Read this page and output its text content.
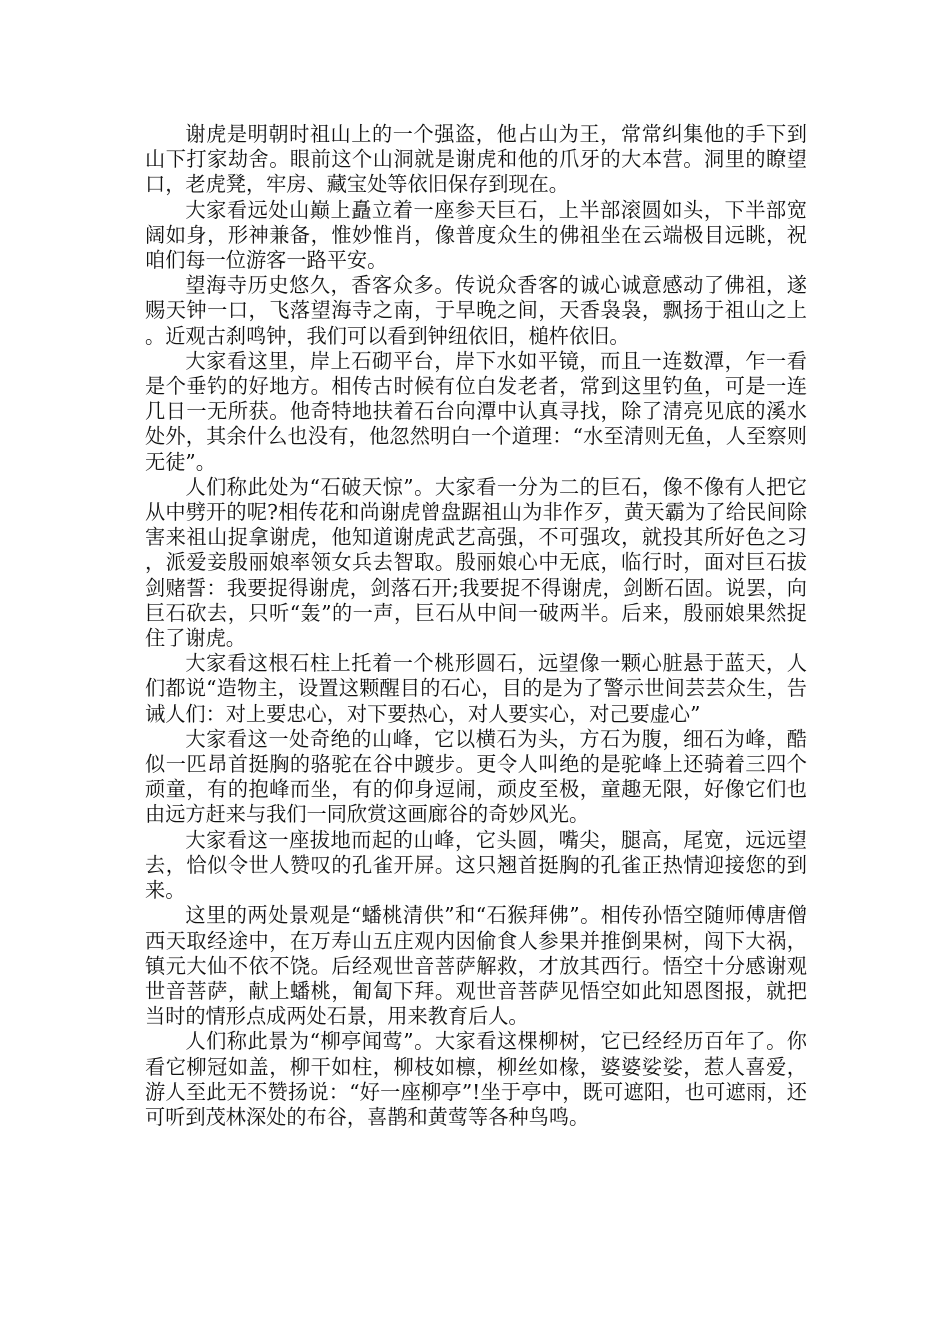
谢虎是明朝时祖山上的一个强盗，他占山为王，常常纠集他的手下到山下打家劫舍。眼前这个山洞就是谢虎和他的爪牙的大本营。洞里的瞭望口，老虎凳，牢房、藏宝处等依旧保存到现在。

大家看远处山巅上矗立着一座参天巨石，上半部滚圆如头，下半部宽阔如身，形神兼备，惟妙惟肖，像普度众生的佛祖坐在云端极目远眺，祝咱们每一位游客一路平安。

望海寺历史悠久，香客众多。传说众香客的诚心诚意感动了佛祖，遂赐天钟一口，飞落望海寺之南，于早晚之间，天香袅袅，飘扬于祖山之上。近观古刹鸣钟，我们可以看到钟纽依旧，槌杵依旧。

大家看这里，岸上石砌平台，岸下水如平镜，而且一连数潭，乍一看是个垂钓的好地方。相传古时候有位白发老者，常到这里钓鱼，可是一连几日一无所获。他奇特地扶着石台向潭中认真寻找，除了清亮见底的溪水处外，其余什么也没有，他忽然明白一个道理：“水至清则无鱼，人至察则无徒”。

人们称此处为“石破天惊”。大家看一分为二的巨石，像不像有人把它从中劈开的呢?相传花和尚谢虎曾盘踞祖山为非作歹，黄天霸为了给民间除害来祖山捉拿谢虎，他知道谢虎武艺高强，不可强攻，就投其所好色之习，派爱妾殷丽娘率领女兵去智取。殷丽娘心中无底，临行时，面对巨石拔剑赌誓：我要捉得谢虎，剑落石开;我要捉不得谢虎，剑断石固。说罢，向巨石砍去，只听“轰”的一声，巨石从中间一破两半。后来，殷丽娘果然捉住了谢虎。

大家看这根石柱上托着一个桃形圆石，远望像一颗心脏悬于蓝天，人们都说“造物主，设置这颗醒目的石心，目的是为了警示世间芸芸众生，告诫人们：对上要忠心，对下要热心，对人要实心，对己要虚心”

大家看这一处奇绝的山峰，它以横石为头，方石为腹，细石为峰，酷似一匹昂首挺胸的骆驼在谷中踱步。更令人叫绝的是驼峰上还骑着三四个顽童，有的抱峰而坐，有的仰身逗闹，顽皮至极，童趣无限，好像它们也由远方赶来与我们一同欣赏这画廊谷的奇妙风光。

大家看这一座拔地而起的山峰，它头圆，嘴尖，腿高，尾宽，远远望去，恰似令世人赞叹的孔雀开屏。这只翘首挺胸的孔雀正热情迎接您的到来。

这里的两处景观是“蟠桃清供”和“石猴拜佛”。相传孙悟空随师傅唐僧西天取经途中，在万寿山五庄观内因偷食人参果并推倒果树，闯下大祸，镇元大仙不依不饶。后经观世音菩萨解救，才放其西行。悟空十分感谢观世音菩萨，献上蟠桃，匍匐下拜。观世音菩萨见悟空如此知恩图报，就把当时的情形点成两处石景，用来教育后人。

人们称此景为“柳亭闻莺”。大家看这棵柳树，它已经经历百年了。你看它柳冠如盖，柳干如柱，柳枝如檩，柳丝如椽，婆婆娑娑，惹人喜爱，游人至此无不赞扬说：“好一座柳亭”!坐于亭中，既可遮阳，也可遮雨，还可听到茂林深处的布谷，喜鹊和黄莺等各种鸟鸣。
